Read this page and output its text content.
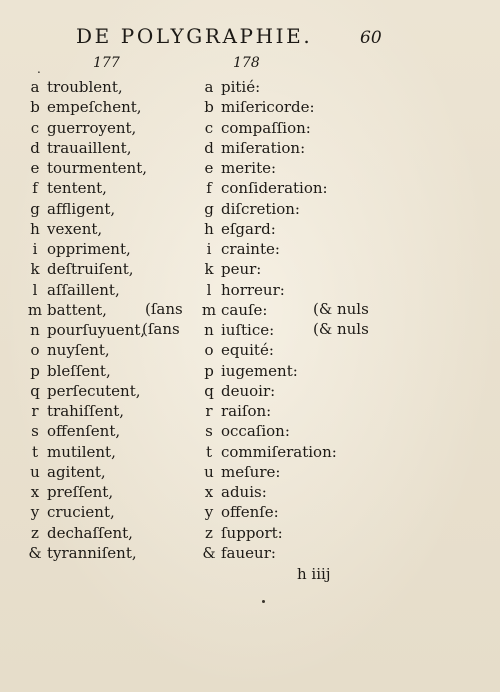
DE POLYGRAPHIE.	60
177	178
.
a troublent,
b empeſchent,
c guerroyent,
d trauaillent,
e tourmentent,
f tentent,
g affligent,
h vexent,
i oppriment,
k deſtruiſent,
l aſſaillent,
m battent,
n pourſuyuent,
o nuyſent,
p bleſſent,
q perſecutent,
r trahiſſent,
s offenſent,
t mutilent,
u agitent,
x preſſent,
y crucient,
z dechaſſent,
& tyranniſent,
a pitié:
b miſericorde:
c compaſſion:
d miſeration:
e merite:
f conſideration:
g diſcretion:
h eſgard:
i crainte:
k peur:
l horreur:
m cauſe:
n iuſtice:
o equité:
p iugement:
q deuoir:
r raiſon:
s occaſion:
t commiſeration:
u meſure:
x aduis:
y offenſe:
z ſupport:
& faueur:
(ſans
(ſans
(& nuls
(& nuls
h iiij
